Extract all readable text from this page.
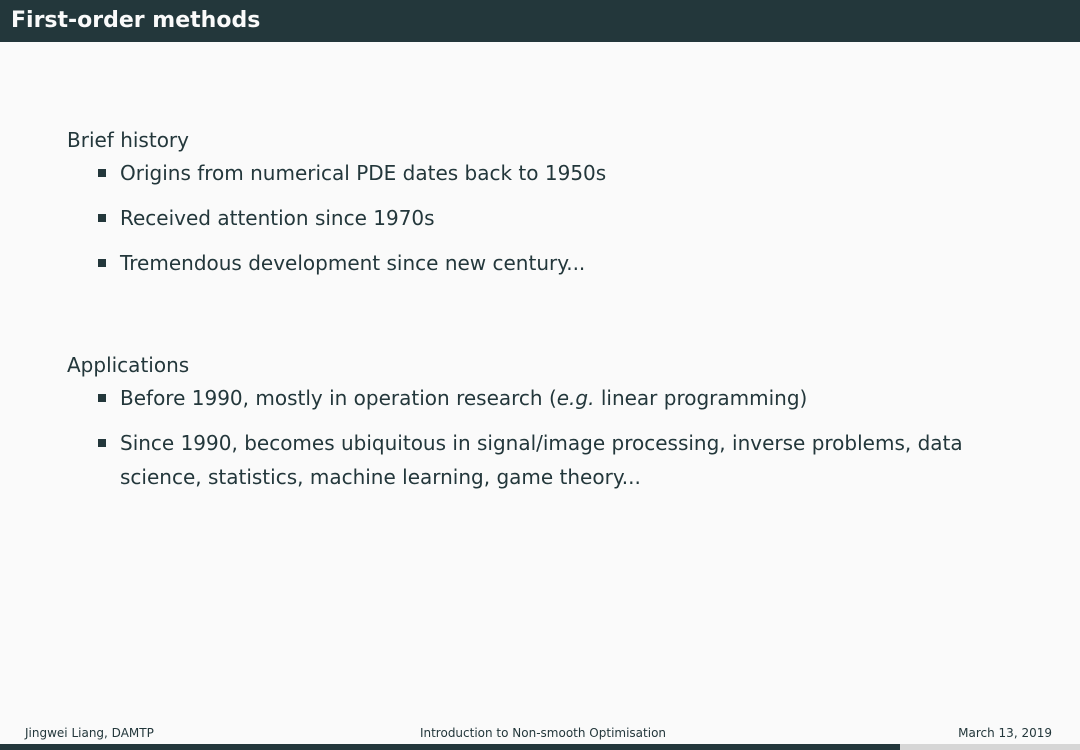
First-order methods
Brief history
Origins from numerical PDE dates back to 1950s
Received attention since 1970s
Tremendous development since new century...
Applications
Before 1990, mostly in operation research (e.g. linear programming)
Since 1990, becomes ubiquitous in signal/image processing, inverse problems, data science, statistics, machine learning, game theory...
Jingwei Liang, DAMTP	Introduction to Non-smooth Optimisation	March 13, 2019
